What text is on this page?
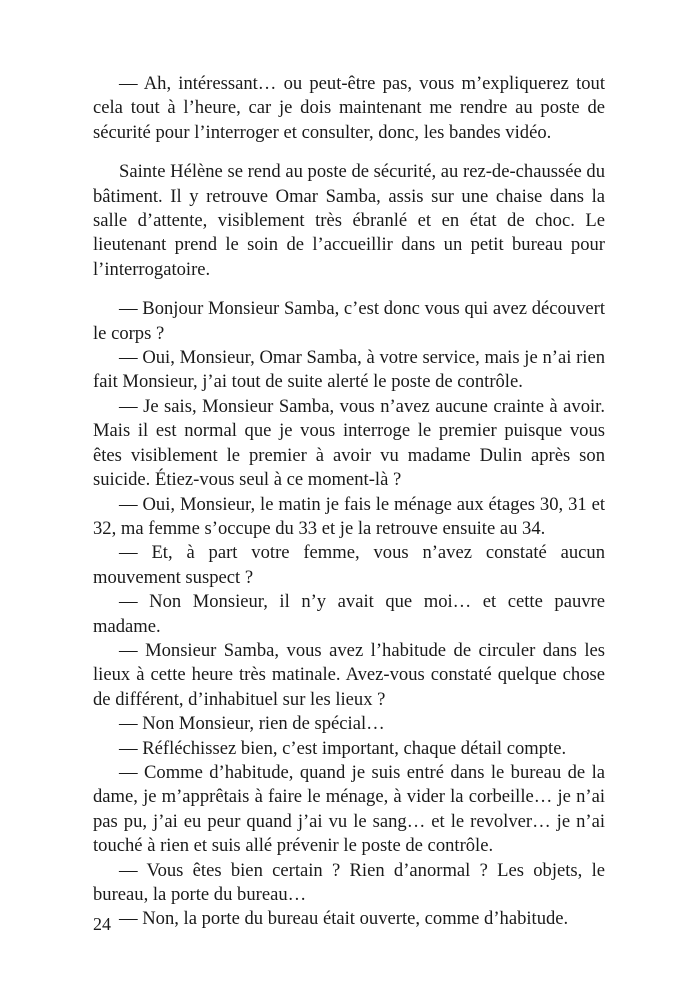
— Ah, intéressant… ou peut-être pas, vous m’expliquerez tout cela tout à l’heure, car je dois maintenant me rendre au poste de sécurité pour l’interroger et consulter, donc, les bandes vidéo.

Sainte Hélène se rend au poste de sécurité, au rez-de-chaussée du bâtiment. Il y retrouve Omar Samba, assis sur une chaise dans la salle d’attente, visiblement très ébranlé et en état de choc. Le lieutenant prend le soin de l’accueillir dans un petit bureau pour l’interrogatoire.

— Bonjour Monsieur Samba, c’est donc vous qui avez découvert le corps ?

— Oui, Monsieur, Omar Samba, à votre service, mais je n’ai rien fait Monsieur, j’ai tout de suite alerté le poste de contrôle.

— Je sais, Monsieur Samba, vous n’avez aucune crainte à avoir. Mais il est normal que je vous interroge le premier puisque vous êtes visiblement le premier à avoir vu madame Dulin après son suicide. Étiez-vous seul à ce moment-là ?

— Oui, Monsieur, le matin je fais le ménage aux étages 30, 31 et 32, ma femme s’occupe du 33 et je la retrouve ensuite au 34.

— Et, à part votre femme, vous n’avez constaté aucun mouvement suspect ?

— Non Monsieur, il n’y avait que moi… et cette pauvre madame.

— Monsieur Samba, vous avez l’habitude de circuler dans les lieux à cette heure très matinale. Avez-vous constaté quelque chose de différent, d’inhabituel sur les lieux ?

— Non Monsieur, rien de spécial…

— Réfléchissez bien, c’est important, chaque détail compte.

— Comme d’habitude, quand je suis entré dans le bureau de la dame, je m’apprêtais à faire le ménage, à vider la corbeille… je n’ai pas pu, j’ai eu peur quand j’ai vu le sang… et le revolver… je n’ai touché à rien et suis allé prévenir le poste de contrôle.

— Vous êtes bien certain ? Rien d’anormal ? Les objets, le bureau, la porte du bureau…

— Non, la porte du bureau était ouverte, comme d’habitude.

24
